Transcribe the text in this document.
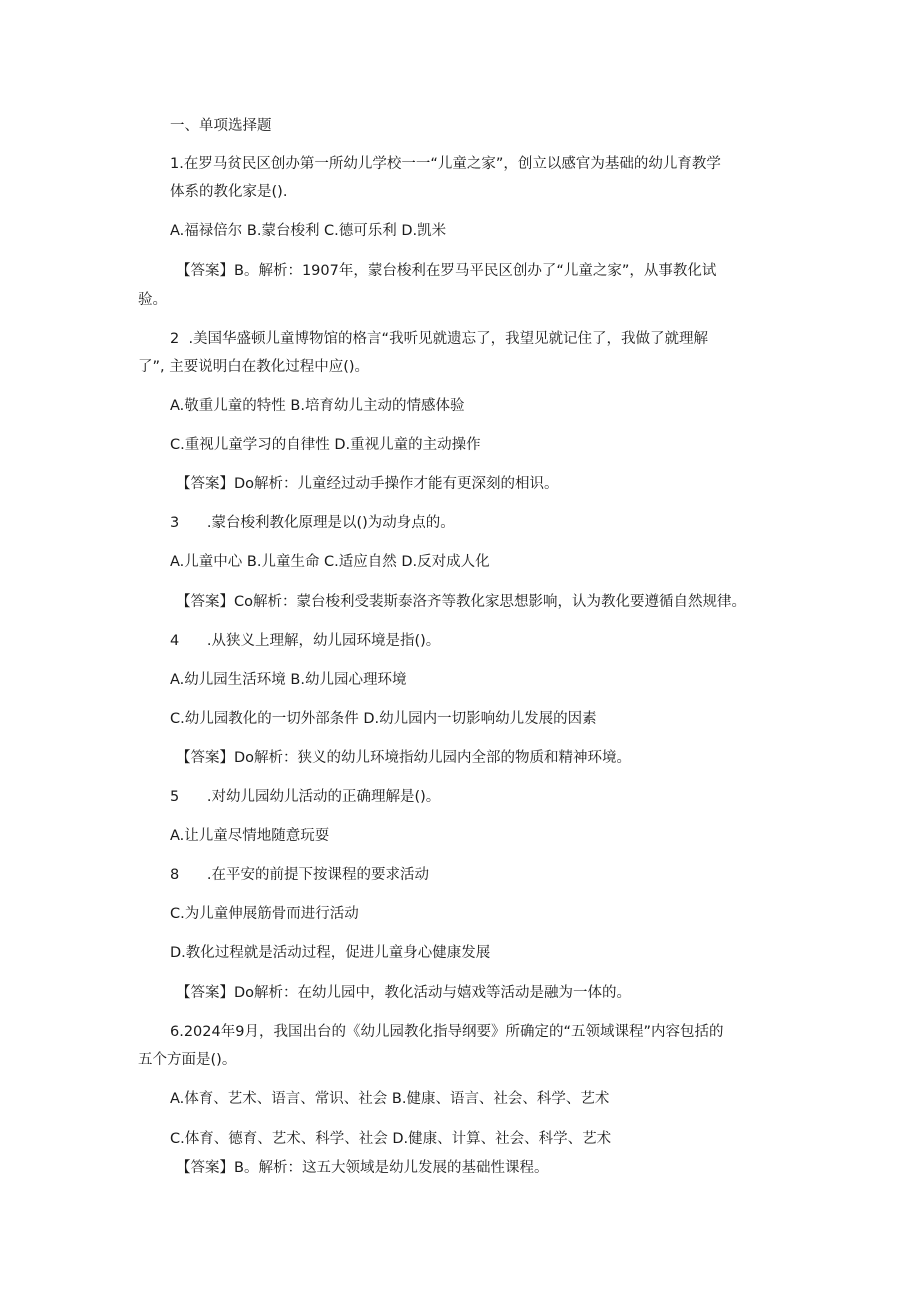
一、单项选择题
1.在罗马贫民区创办第一所幼儿学校一一“儿童之家”，创立以感官为基础的幼儿育教学
体系的教化家是().
A.福禄倍尔 B.蒙台梭利 C.德可乐利 D.凯米
【答案】B。解析：1907年，蒙台梭利在罗马平民区创办了“儿童之家”，从事教化试
验。
2  .美国华盛顿儿童博物馆的格言“我听见就遗忘了，我望见就记住了，我做了就理解
了”, 主要说明白在教化过程中应()。
A.敬重儿童的特性 B.培育幼儿主动的情感体验
C.重视儿童学习的自律性 D.重视儿童的主动操作
【答案】Do解析：儿童经过动手操作才能有更深刻的相识。
3      .蒙台梭利教化原理是以()为动身点的。
A.儿童中心 B.儿童生命 C.适应自然 D.反对成人化
【答案】Co解析：蒙台梭利受裴斯泰洛齐等教化家思想影响，认为教化要遵循自然规律。
4      .从狭义上理解，幼儿园环境是指()。
A.幼儿园生活环境 B.幼儿园心理环境
C.幼儿园教化的一切外部条件 D.幼儿园内一切影响幼儿发展的因素
【答案】Do解析：狭义的幼儿环境指幼儿园内全部的物质和精神环境。
5      .对幼儿园幼儿活动的正确理解是()。
A.让儿童尽情地随意玩耍
8      .在平安的前提下按课程的要求活动
C.为儿童伸展筋骨而进行活动
D.教化过程就是活动过程，促进儿童身心健康发展
【答案】Do解析：在幼儿园中，教化活动与嬉戏等活动是融为一体的。
6.2024年9月，我国出台的《幼儿园教化指导纲要》所确定的“五领域课程”内容包括的
五个方面是()。
A.体育、艺术、语言、常识、社会 B.健康、语言、社会、科学、艺术
C.体育、德育、艺术、科学、社会 D.健康、计算、社会、科学、艺术
【答案】B。解析：这五大领域是幼儿发展的基础性课程。
